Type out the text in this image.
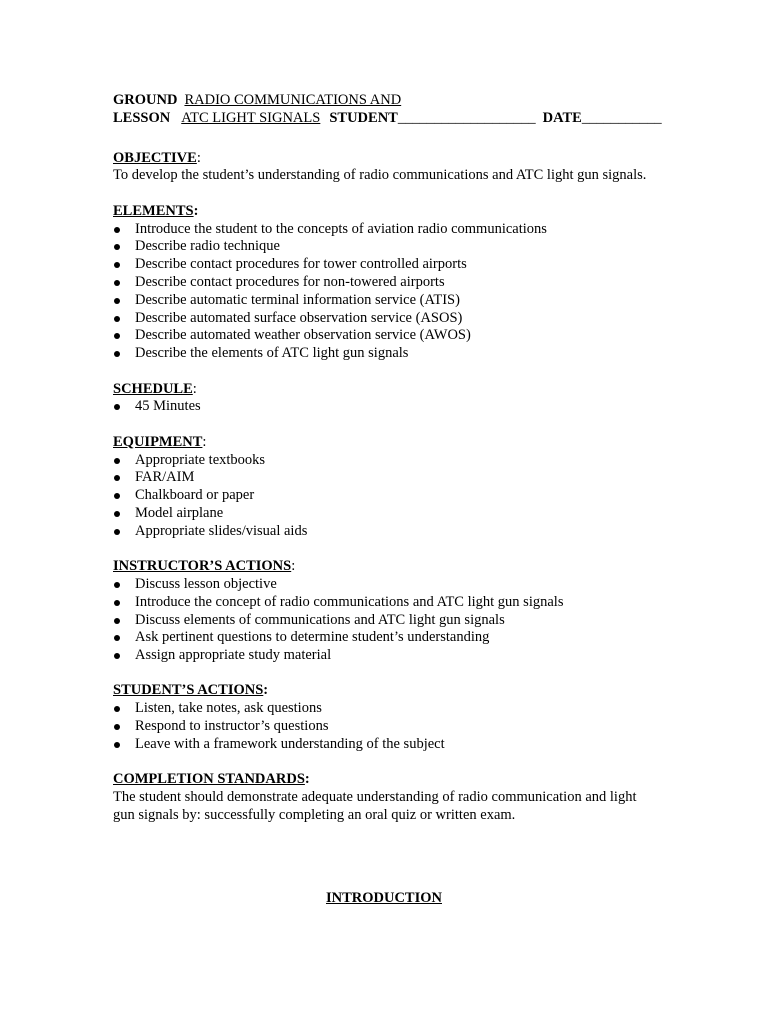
GROUND RADIO COMMUNICATIONS AND
LESSON ATC LIGHT SIGNALS STUDENT___________________ DATE___________

OBJECTIVE:

To develop the student’s understanding of radio communications and ATC light gun signals.

ELEMENTS:

Introduce the student to the concepts of aviation radio communications
Describe radio technique
Describe contact procedures for tower controlled airports
Describe contact procedures for non-towered airports
Describe automatic terminal information service (ATIS)
Describe automated surface observation service (ASOS)
Describe automated weather observation service (AWOS)
Describe the elements of ATC light gun signals

SCHEDULE:

45 Minutes

EQUIPMENT:

Appropriate textbooks
FAR/AIM
Chalkboard or paper
Model airplane
Appropriate slides/visual aids

INSTRUCTOR’S ACTIONS:

Discuss lesson objective
Introduce the concept of radio communications and ATC light gun signals
Discuss elements of communications and ATC light gun signals
Ask pertinent questions to determine student’s understanding
Assign appropriate study material

STUDENT’S ACTIONS:

Listen, take notes, ask questions
Respond to instructor’s questions
Leave with a framework understanding of the subject

COMPLETION STANDARDS:

The student should demonstrate adequate understanding of radio communication and light gun signals by: successfully completing an oral quiz or written exam.

INTRODUCTION
